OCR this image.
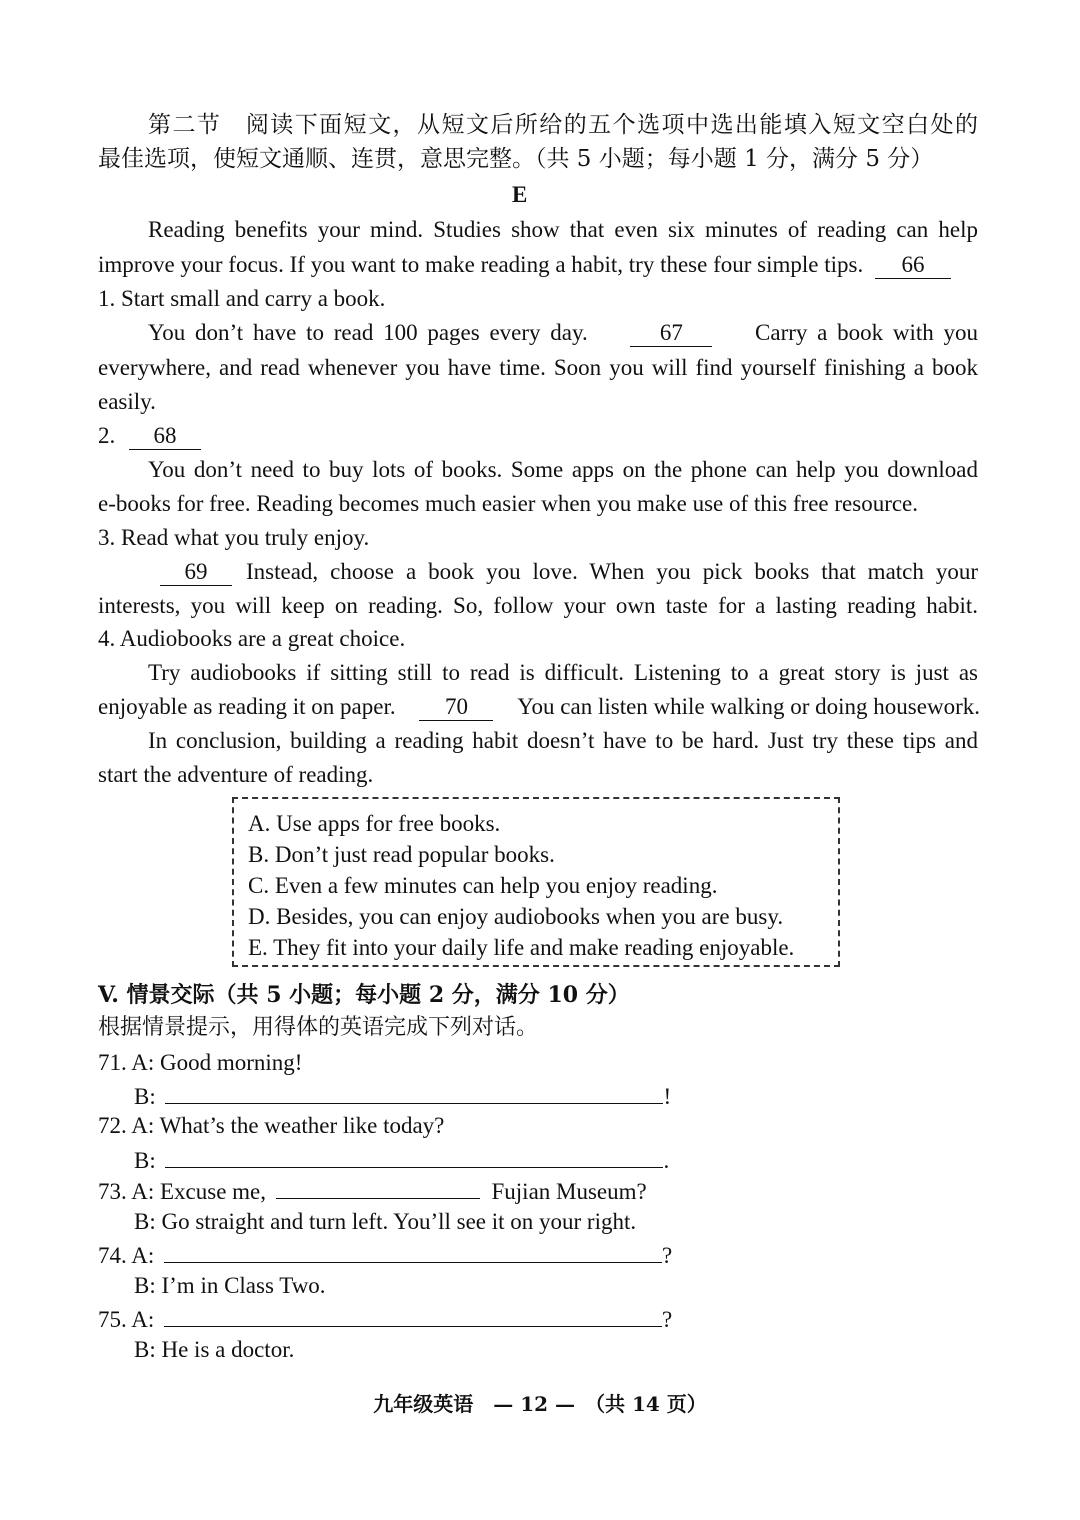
第二节　阅读下面短文，从短文后所给的五个选项中选出能填入短文空白处的
最佳选项，使短文通顺、连贯，意思完整。（共 5 小题；每小题 1 分，满分 5 分）
E
Reading benefits your mind. Studies show that even six minutes of reading can help
improve your focus. If you want to make reading a habit, try these four simple tips. 66
1. Start small and carry a book.
You don’t have to read 100 pages every day.	67	Carry a book with you
everywhere, and read whenever you have time. Soon you will find yourself finishing a book
easily.
2. 68
You don’t need to buy lots of books. Some apps on the phone can help you download
e-books for free. Reading becomes much easier when you make use of this free resource.
3. Read what you truly enjoy.
69	Instead, choose a book you love. When you pick books that match your
interests, you will keep on reading. So, follow your own taste for a lasting reading habit.
4. Audiobooks are a great choice.
Try audiobooks if sitting still to read is difficult. Listening to a great story is just as
enjoyable as reading it on paper.	70	You can listen while walking or doing housework.
In conclusion, building a reading habit doesn’t have to be hard. Just try these tips and
start the adventure of reading.
A. Use apps for free books.
B. Don’t just read popular books.
C. Even a few minutes can help you enjoy reading.
D. Besides, you can enjoy audiobooks when you are busy.
E. They fit into your daily life and make reading enjoyable.
V. 情景交际（共 5 小题；每小题 2 分，满分 10 分）
根据情景提示，用得体的英语完成下列对话。
71. A: Good morning!
B:	!
72. A: What’s the weather like today?
B:	.
73. A: Excuse me,	Fujian Museum?
B: Go straight and turn left. You’ll see it on your right.
74. A:	?
B: I’m in Class Two.
75. A:	?
B: He is a doctor.
九年级英语　— 12 —　（共 14 页）
